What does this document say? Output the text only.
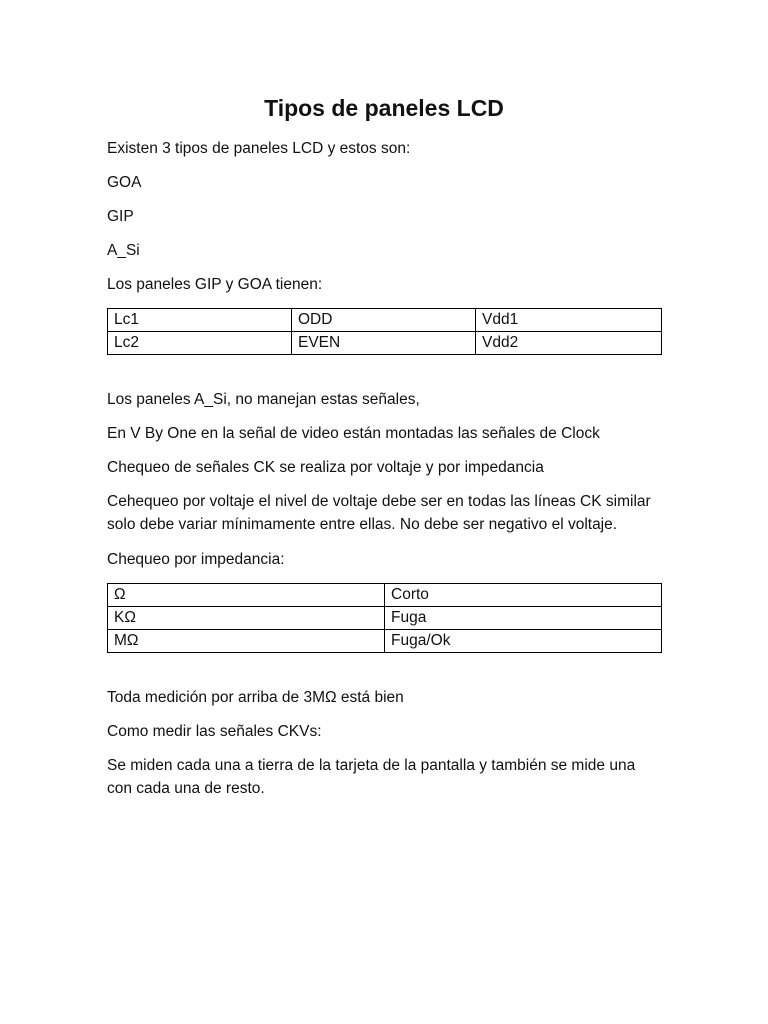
Tipos de paneles LCD

Existen 3 tipos de paneles LCD y estos son:

GOA

GIP

A_Si

Los paneles GIP y GOA tienen:

Lc1	ODD	Vdd1
Lc2	EVEN	Vdd2

Los paneles A_Si, no manejan estas señales,

En V By One en la señal de video están montadas las señales de Clock

Chequeo de señales CK se realiza por voltaje y por impedancia

Cehequeo por voltaje el nivel de voltaje debe ser en todas las líneas CK similar

solo debe variar mínimamente entre ellas. No debe ser negativo el voltaje.

Chequeo por impedancia:

Ω	Corto
KΩ	Fuga
MΩ	Fuga/Ok

Toda medición por arriba de 3MΩ está bien

Como medir las señales CKVs:

Se miden cada una a tierra de la tarjeta de la pantalla y también se mide una

con cada una de resto.
